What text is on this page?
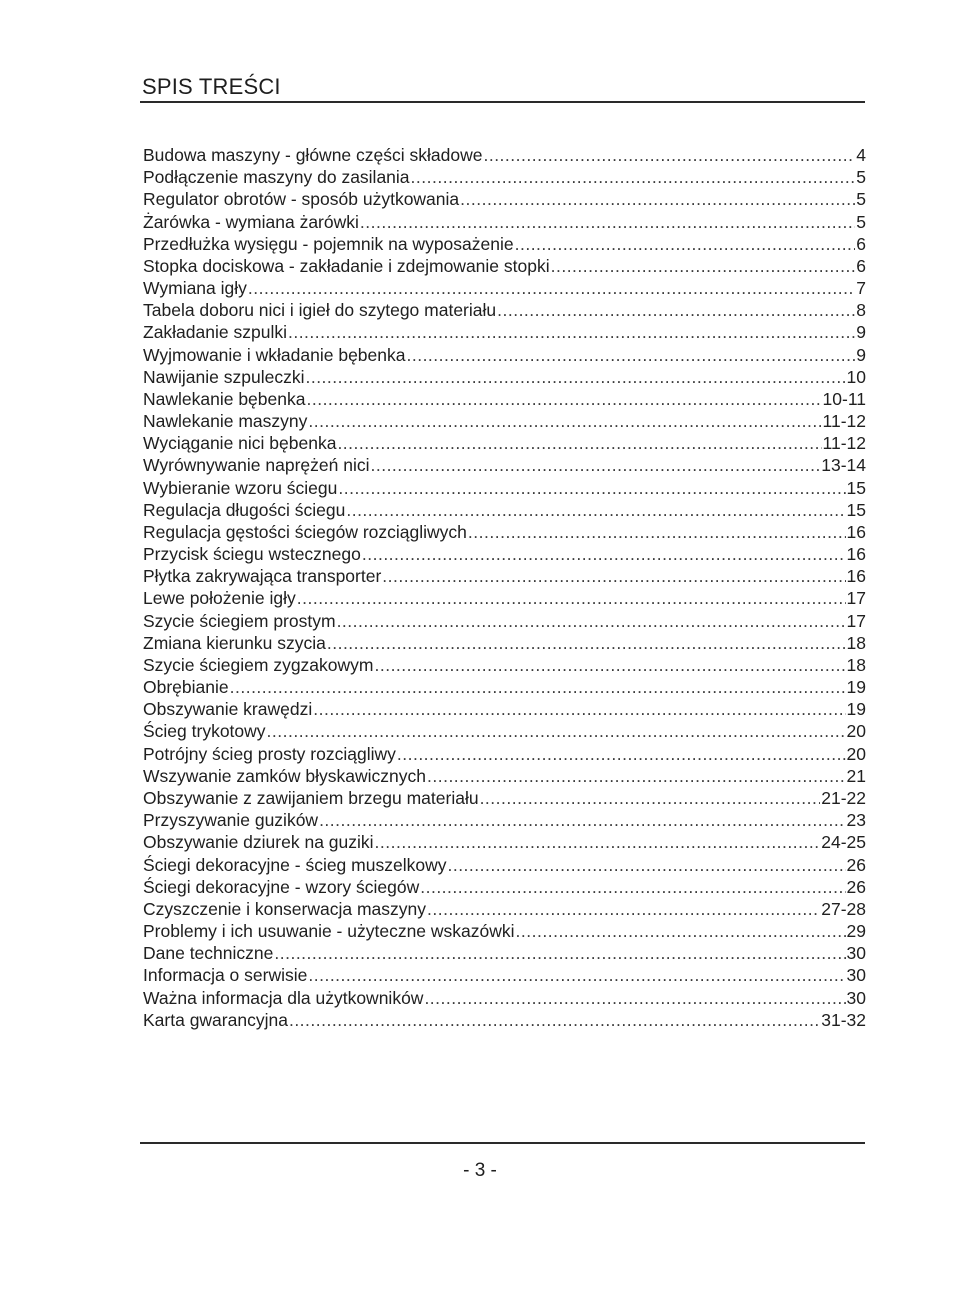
SPIS TREŚCI
Budowa maszyny - główne części składowe .....	4
Podłączenie maszyny do zasilania .....	5
Regulator obrotów - sposób użytkowania .....	5
Żarówka - wymiana żarówki .....	5
Przedłużka wysięgu - pojemnik na wyposażenie .....	6
Stopka dociskowa - zakładanie i zdejmowanie stopki .....	6
Wymiana igły .....	7
Tabela doboru nici i igieł do szytego materiału .....	8
Zakładanie szpulki .....	9
Wyjmowanie i wkładanie bębenka .....	9
Nawijanie szpuleczki .....	10
Nawlekanie bębenka .....	10-11
Nawlekanie maszyny .....	11-12
Wyciąganie nici bębenka .....	11-12
Wyrównywanie naprężeń nici .....	13-14
Wybieranie wzoru ściegu .....	15
Regulacja długości ściegu .....	15
Regulacja gęstości ściegów rozciągliwych .....	16
Przycisk ściegu wstecznego .....	16
Płytka zakrywająca transporter .....	16
Lewe położenie igły .....	17
Szycie ściegiem prostym .....	17
Zmiana kierunku szycia .....	18
Szycie ściegiem zygzakowym .....	18
Obrębianie .....	19
Obszywanie krawędzi .....	19
Ścieg trykotowy .....	20
Potrójny ścieg prosty rozciągliwy .....	20
Wszywanie zamków błyskawicznych .....	21
Obszywanie z zawijaniem brzegu materiału .....	21-22
Przyszywanie guzików .....	23
Obszywanie dziurek na guziki .....	24-25
Ściegi dekoracyjne - ścieg muszelkowy .....	26
Ściegi dekoracyjne - wzory ściegów .....	26
Czyszczenie i konserwacja maszyny .....	27-28
Problemy i ich usuwanie - użyteczne wskazówki .....	29
Dane techniczne .....	30
Informacja o serwisie .....	30
Ważna informacja dla użytkowników .....	30
Karta gwarancyjna .....	31-32
- 3 -
